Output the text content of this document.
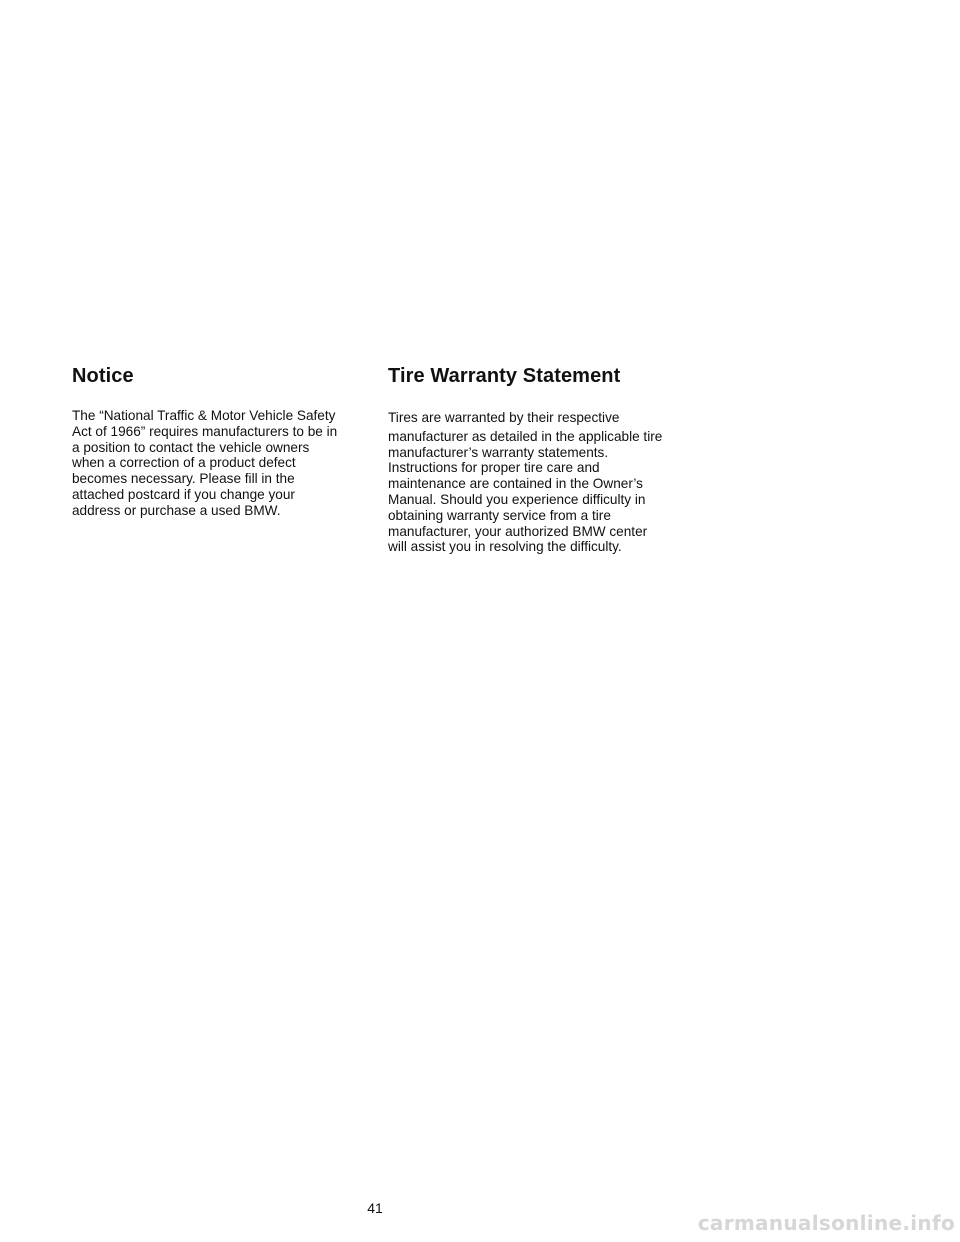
Notice

The “National Traffic & Motor Vehicle Safety
Act of 1966” requires manufacturers to be in
a position to contact the vehicle owners
when a correction of a product defect
becomes necessary. Please fill in the
attached postcard if you change your
address or purchase a used BMW.

Tire Warranty Statement

Tires are warranted by their respective
manufacturer as detailed in the applicable tire
manufacturer’s warranty statements.
Instructions for proper tire care and
maintenance are contained in the Owner’s
Manual. Should you experience difficulty in
obtaining warranty service from a tire
manufacturer, your authorized BMW center
will assist you in resolving the difficulty.

41
carmanualsonline.info
